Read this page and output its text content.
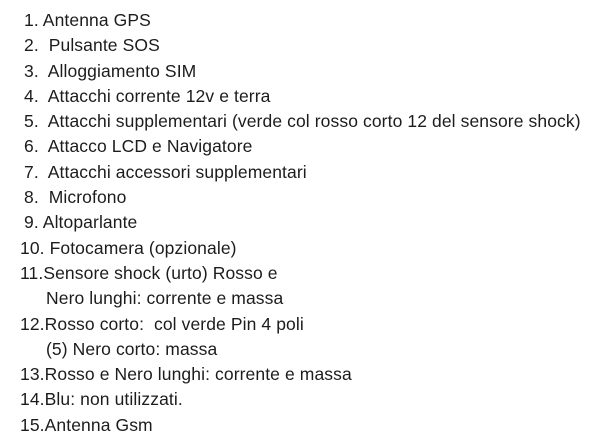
1. Antenna GPS
2.  Pulsante SOS
3.  Alloggiamento SIM
4.  Attacchi corrente 12v e terra
5.  Attacchi supplementari (verde col rosso corto 12 del sensore shock)
6.  Attacco LCD e Navigatore
7.  Attacchi accessori supplementari
8.  Microfono
9. Altoparlante
10. Fotocamera (opzionale)
11.Sensore shock (urto) Rosso e
Nero lunghi: corrente e massa
12.Rosso corto:  col verde Pin 4 poli
(5) Nero corto: massa
13.Rosso e Nero lunghi: corrente e massa
14.Blu: non utilizzati.
15.Antenna Gsm
